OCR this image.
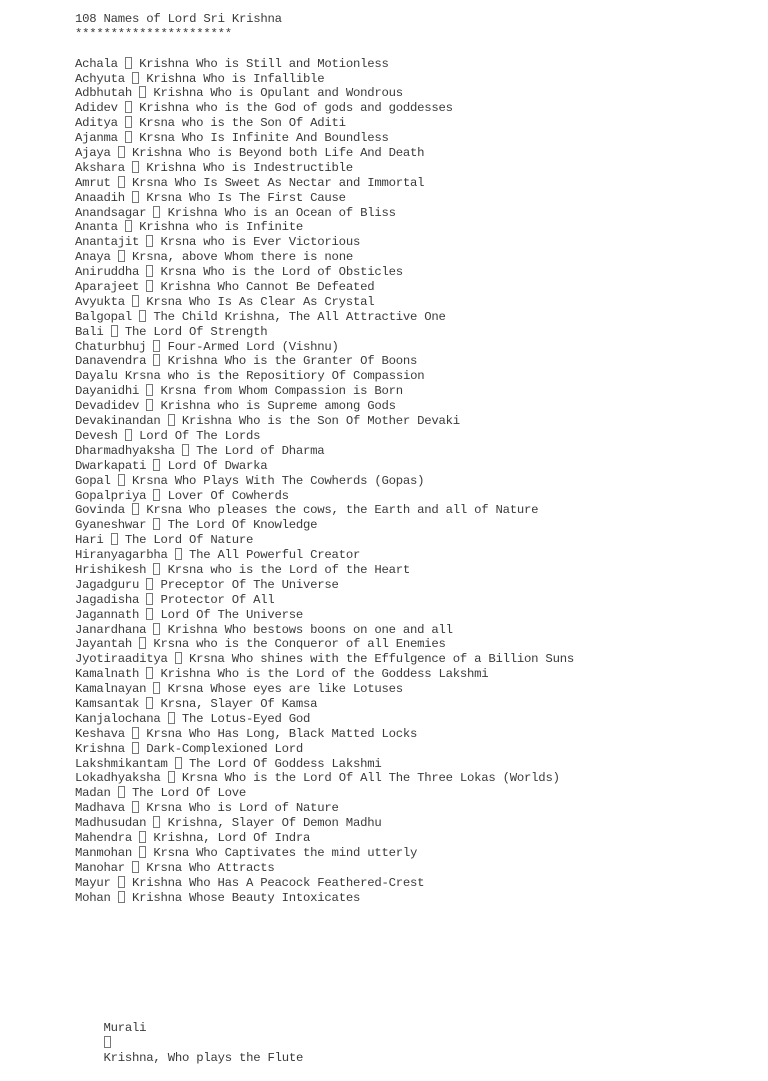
108 Names of Lord Sri Krishna
**********************
Achala Krishna Who is Still and Motionless
Achyuta Krishna Who is Infallible
Adbhutah Krishna Who is Opulant and Wondrous
Adidev Krishna who is the God of gods and goddesses
Aditya Krsna who is the Son Of Aditi
Ajanma Krsna Who Is Infinite And Boundless
Ajaya Krishna Who is Beyond both Life And Death
Akshara Krishna Who is Indestructible
Amrut Krsna Who Is Sweet As Nectar and Immortal
Anaadih Krsna Who Is The First Cause
Anandsagar Krishna Who is an Ocean of Bliss
Ananta Krishna who is Infinite
Anantajit Krsna who is Ever Victorious
Anaya Krsna, above Whom there is none
Aniruddha Krsna Who is the Lord of Obsticles
Aparajeet Krishna Who Cannot Be Defeated
Avyukta Krsna Who Is As Clear As Crystal
Balgopal The Child Krishna, The All Attractive One
Bali The Lord Of Strength
Chaturbhuj Four-Armed Lord (Vishnu)
Danavendra Krishna Who is the Granter Of Boons
Dayalu Krsna who is the Repositiory Of Compassion
Dayanidhi Krsna from Whom Compassion is Born
Devadidev Krishna who is Supreme among Gods
Devakinandan Krishna Who is the Son Of Mother Devaki
Devesh Lord Of The Lords
Dharmadhyaksha The Lord of Dharma
Dwarkapati Lord Of Dwarka
Gopal Krsna Who Plays With The Cowherds (Gopas)
Gopalpriya Lover Of Cowherds
Govinda Krsna Who pleases the cows, the Earth and all of Nature
Gyaneshwar The Lord Of Knowledge
Hari The Lord Of Nature
Hiranyagarbha The All Powerful Creator
Hrishikesh Krsna who is the Lord of the Heart
Jagadguru Preceptor Of The Universe
Jagadisha Protector Of All
Jagannath Lord Of The Universe
Janardhana Krishna Who bestows boons on one and all
Jayantah Krsna who is the Conqueror of all Enemies
Jyotiraaditya Krsna Who shines with the Effulgence of a Billion Suns
Kamalnath Krishna Who is the Lord of the Goddess Lakshmi
Kamalnayan Krsna Whose eyes are like Lotuses
Kamsantak Krsna, Slayer Of Kamsa
Kanjalochana The Lotus-Eyed God
Keshava Krsna Who Has Long, Black Matted Locks
Krishna Dark-Complexioned Lord
Lakshmikantam The Lord Of Goddess Lakshmi
Lokadhyaksha Krsna Who is the Lord Of All The Three Lokas (Worlds)
Madan The Lord Of Love
Madhava Krsna Who is Lord of Nature
Madhusudan Krishna, Slayer Of Demon Madhu
Mahendra Krishna, Lord Of Indra
Manmohan Krsna Who Captivates the mind utterly
Manohar Krsna Who Attracts
Mayur Krishna Who Has A Peacock Feathered-Crest
Mohan Krishna Whose Beauty Intoxicates

Murali

Krishna, Who plays the Flute
